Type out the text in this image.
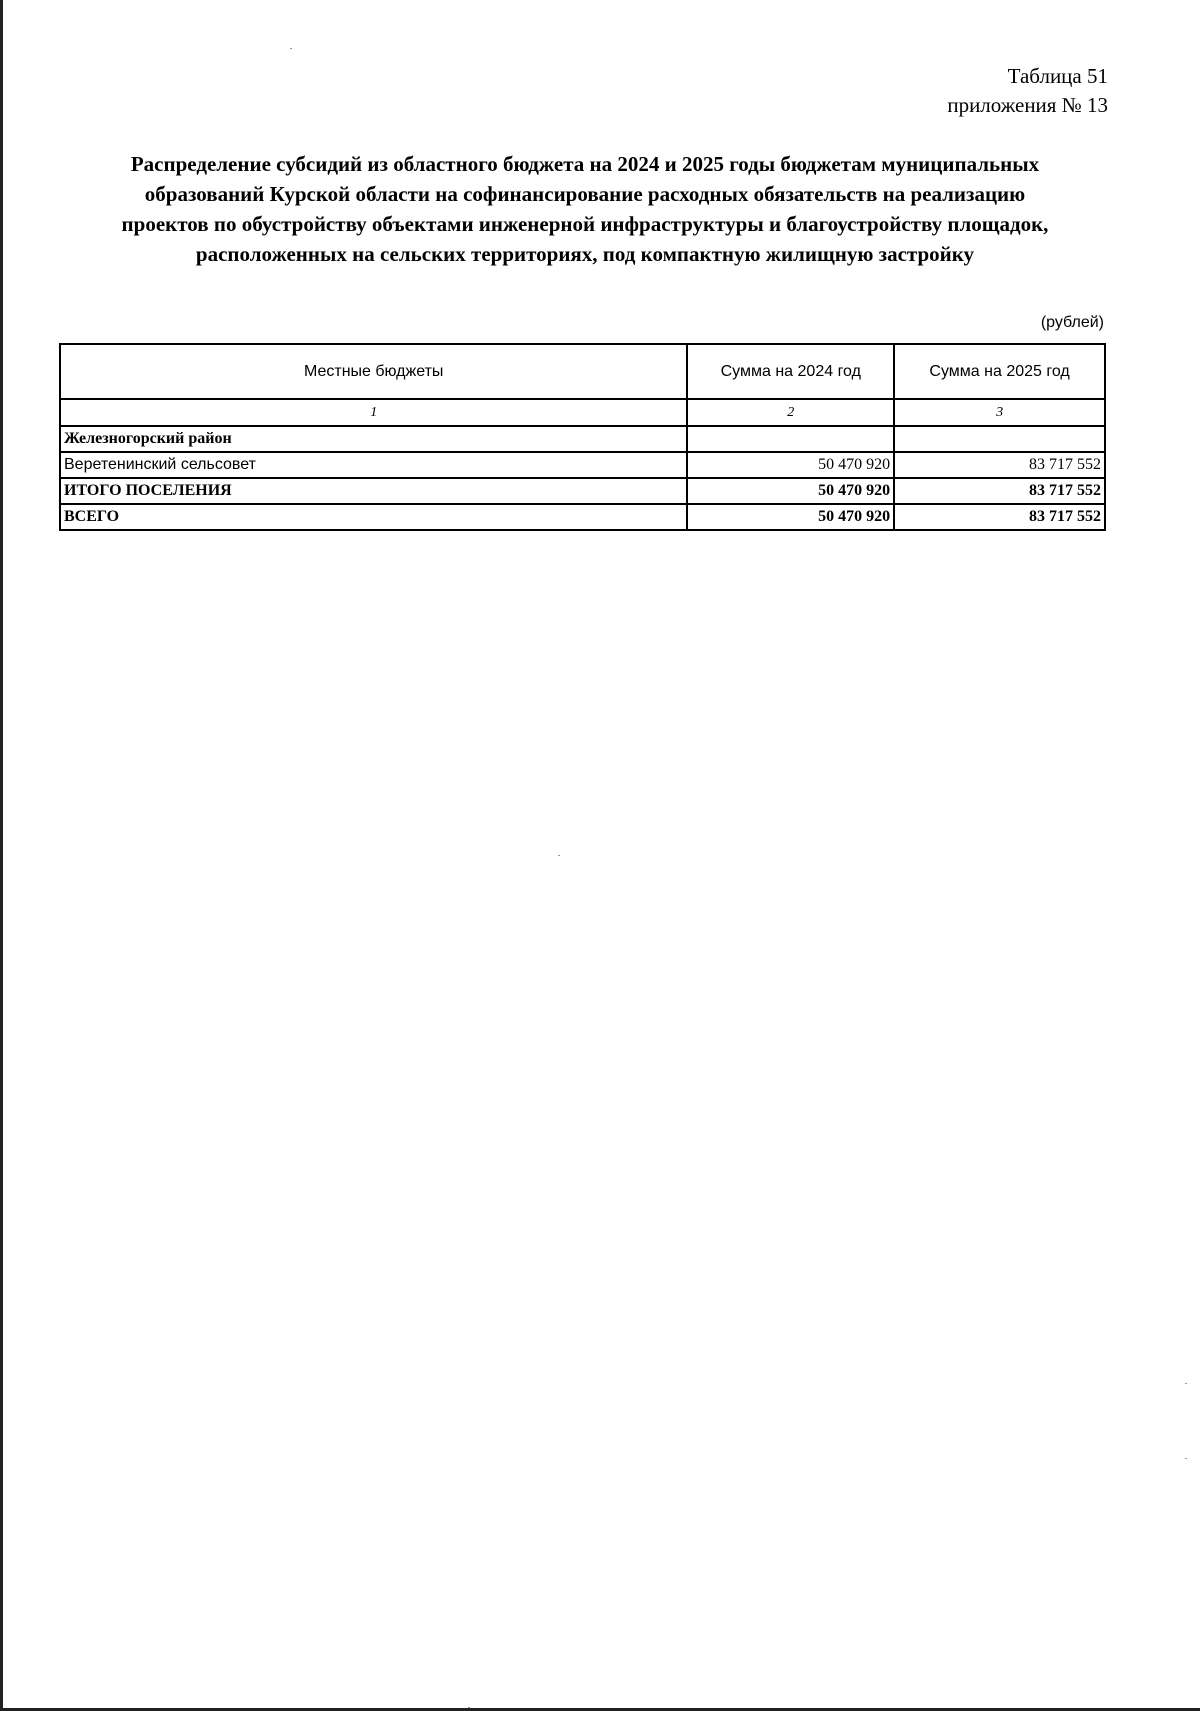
Таблица 51
приложения № 13
Распределение субсидий из областного бюджета на 2024 и 2025 годы бюджетам муниципальных
образований Курской области на софинансирование расходных обязательств на реализацию
проектов по обустройству объектами инженерной инфраструктуры и благоустройству площадок,
расположенных на сельских территориях, под компактную жилищную застройку
(рублей)
Местные бюджеты	Сумма на 2024 год	Сумма на 2025 год
1	2	3
Железногорский район		
Веретенинский сельсовет	50 470 920	83 717 552
ИТОГО ПОСЕЛЕНИЯ	50 470 920	83 717 552
ВСЕГО	50 470 920	83 717 552
